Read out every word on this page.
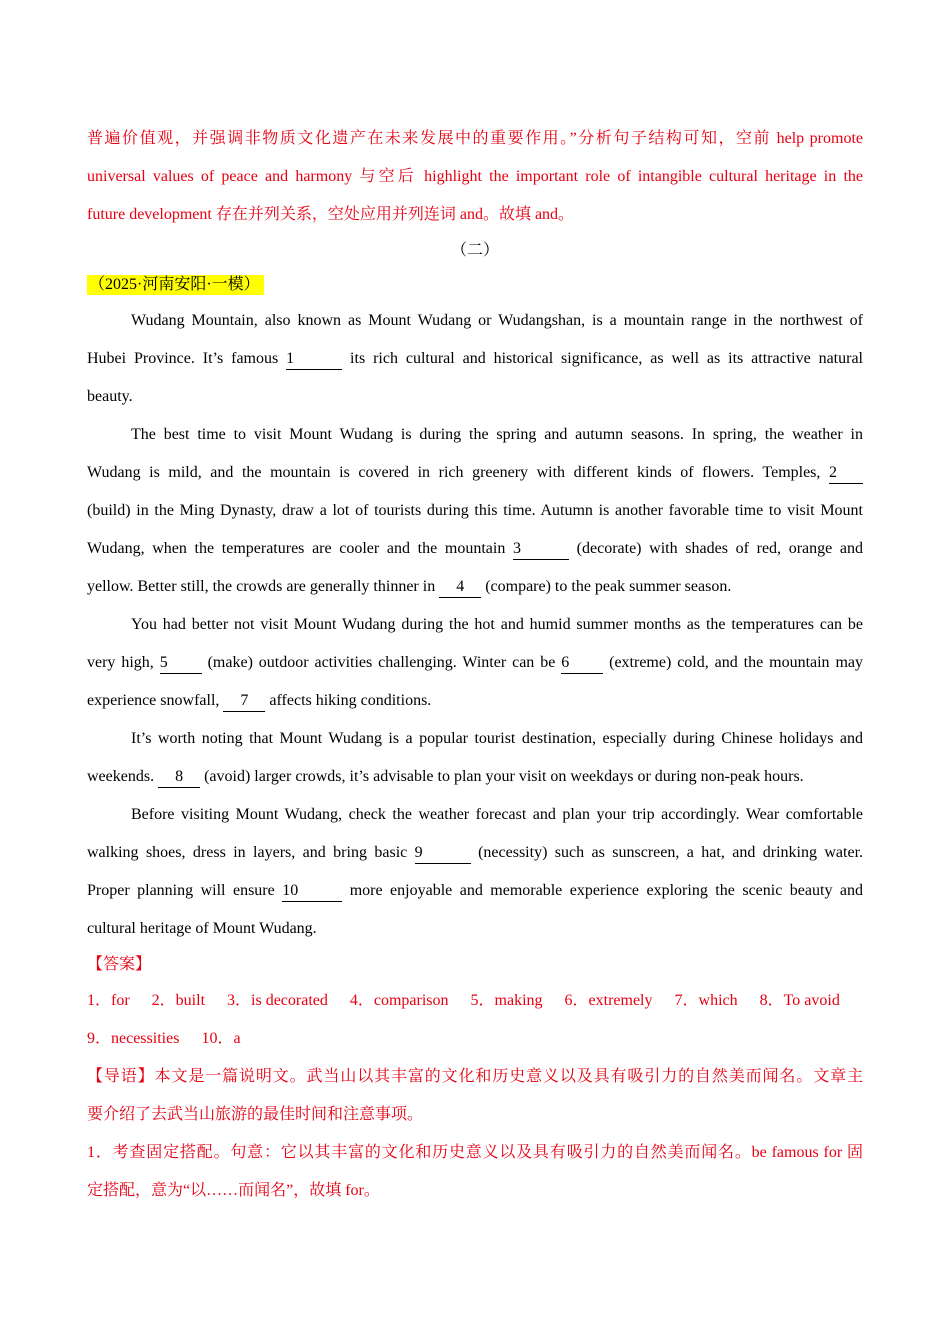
普遍价值观，并强调非物质文化遗产在未来发展中的重要作用。”分析句子结构可知，空前 help promote
universal values of peace and harmony 与空后 highlight the important role of intangible cultural heritage in the
future development 存在并列关系，空处应用并列连词 and。故填 and。
（二）
（2025·河南安阳·一模）
Wudang Mountain, also known as Mount Wudang or Wudangshan, is a mountain range in the northwest of
Hubei Province. It’s famous 1	its rich cultural and historical significance, as well as its attractive natural
beauty.
The best time to visit Mount Wudang is during the spring and autumn seasons. In spring, the weather in
Wudang is mild, and the mountain is covered in rich greenery with different kinds of flowers. Temples, 2
(build) in the Ming Dynasty, draw a lot of tourists during this time. Autumn is another favorable time to visit Mount
Wudang, when the temperatures are cooler and the mountain 3	(decorate) with shades of red, orange and
yellow. Better still, the crowds are generally thinner in 4 (compare) to the peak summer season.
You had better not visit Mount Wudang during the hot and humid summer months as the temperatures can be
very high, 5 (make) outdoor activities challenging. Winter can be 6 (extreme) cold, and the mountain may
experience snowfall, 7 affects hiking conditions.
It’s worth noting that Mount Wudang is a popular tourist destination, especially during Chinese holidays and
weekends. 8 (avoid) larger crowds, it’s advisable to plan your visit on weekdays or during non-peak hours.
Before visiting Mount Wudang, check the weather forecast and plan your trip accordingly. Wear comfortable
walking shoes, dress in layers, and bring basic 9	(necessity) such as sunscreen, a hat, and drinking water.
Proper planning will ensure 10	more enjoyable and memorable experience exploring the scenic beauty and
cultural heritage of Mount Wudang.
【答案】
1．for 2．built 3．is decorated 4．comparison 5．making 6．extremely 7．which 8．To avoid
9．necessities 10．a
【导语】本文是一篇说明文。武当山以其丰富的文化和历史意义以及具有吸引力的自然美而闻名。文章主
要介绍了去武当山旅游的最佳时间和注意事项。
1．考查固定搭配。句意：它以其丰富的文化和历史意义以及具有吸引力的自然美而闻名。be famous for 固
定搭配，意为“以……而闻名”，故填 for。
